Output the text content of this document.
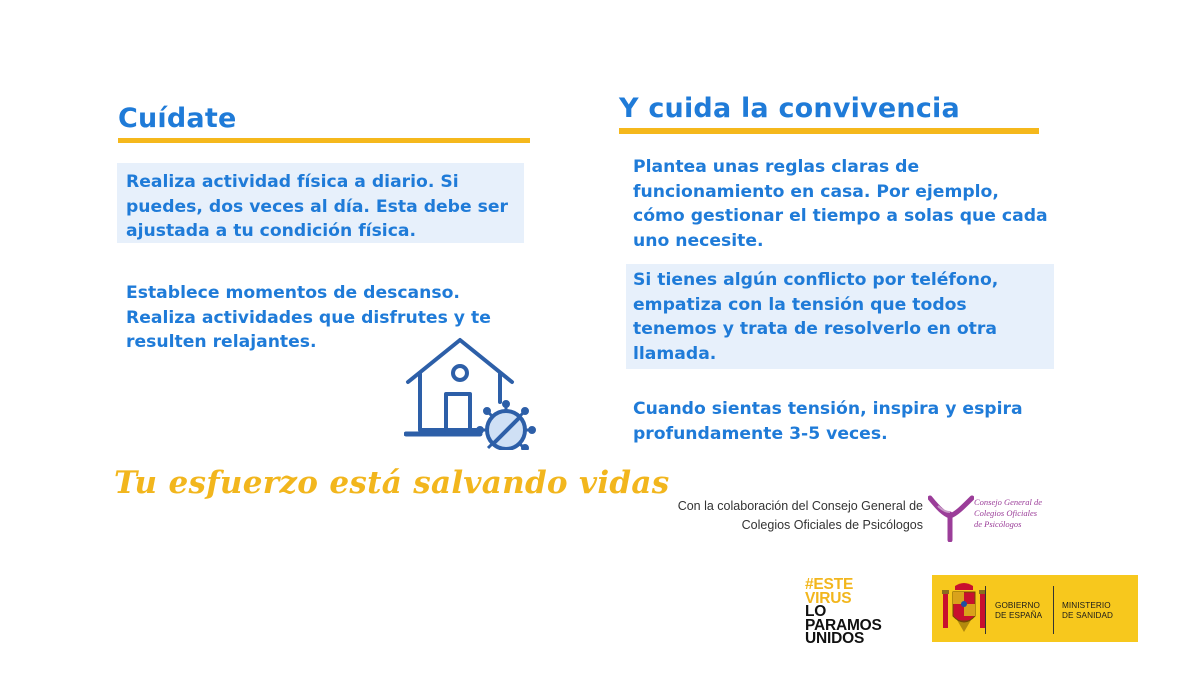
Cuídate
Realiza actividad física a diario. Si puedes, dos veces al día. Esta debe ser ajustada a tu condición física.
Establece momentos de descanso. Realiza actividades que disfrutes y te resulten relajantes.
Tu esfuerzo está salvando vidas
Y cuida la convivencia
Plantea unas reglas claras de funcionamiento en casa. Por ejemplo, cómo gestionar el tiempo a solas que cada uno necesite.
Si tienes algún conflicto por teléfono, empatiza con la tensión que todos tenemos y trata de resolverlo en otra llamada.
Cuando sientas tensión, inspira y espira profundamente 3-5 veces.
Con la colaboración del Consejo General de
Colegios Oficiales de Psicólogos
Consejo General de
Colegios Oficiales
de Psicólogos
#ESTE
VIRUS
LO
PARAMOS
UNIDOS
GOBIERNO
DE ESPAÑA
MINISTERIO
DE SANIDAD
